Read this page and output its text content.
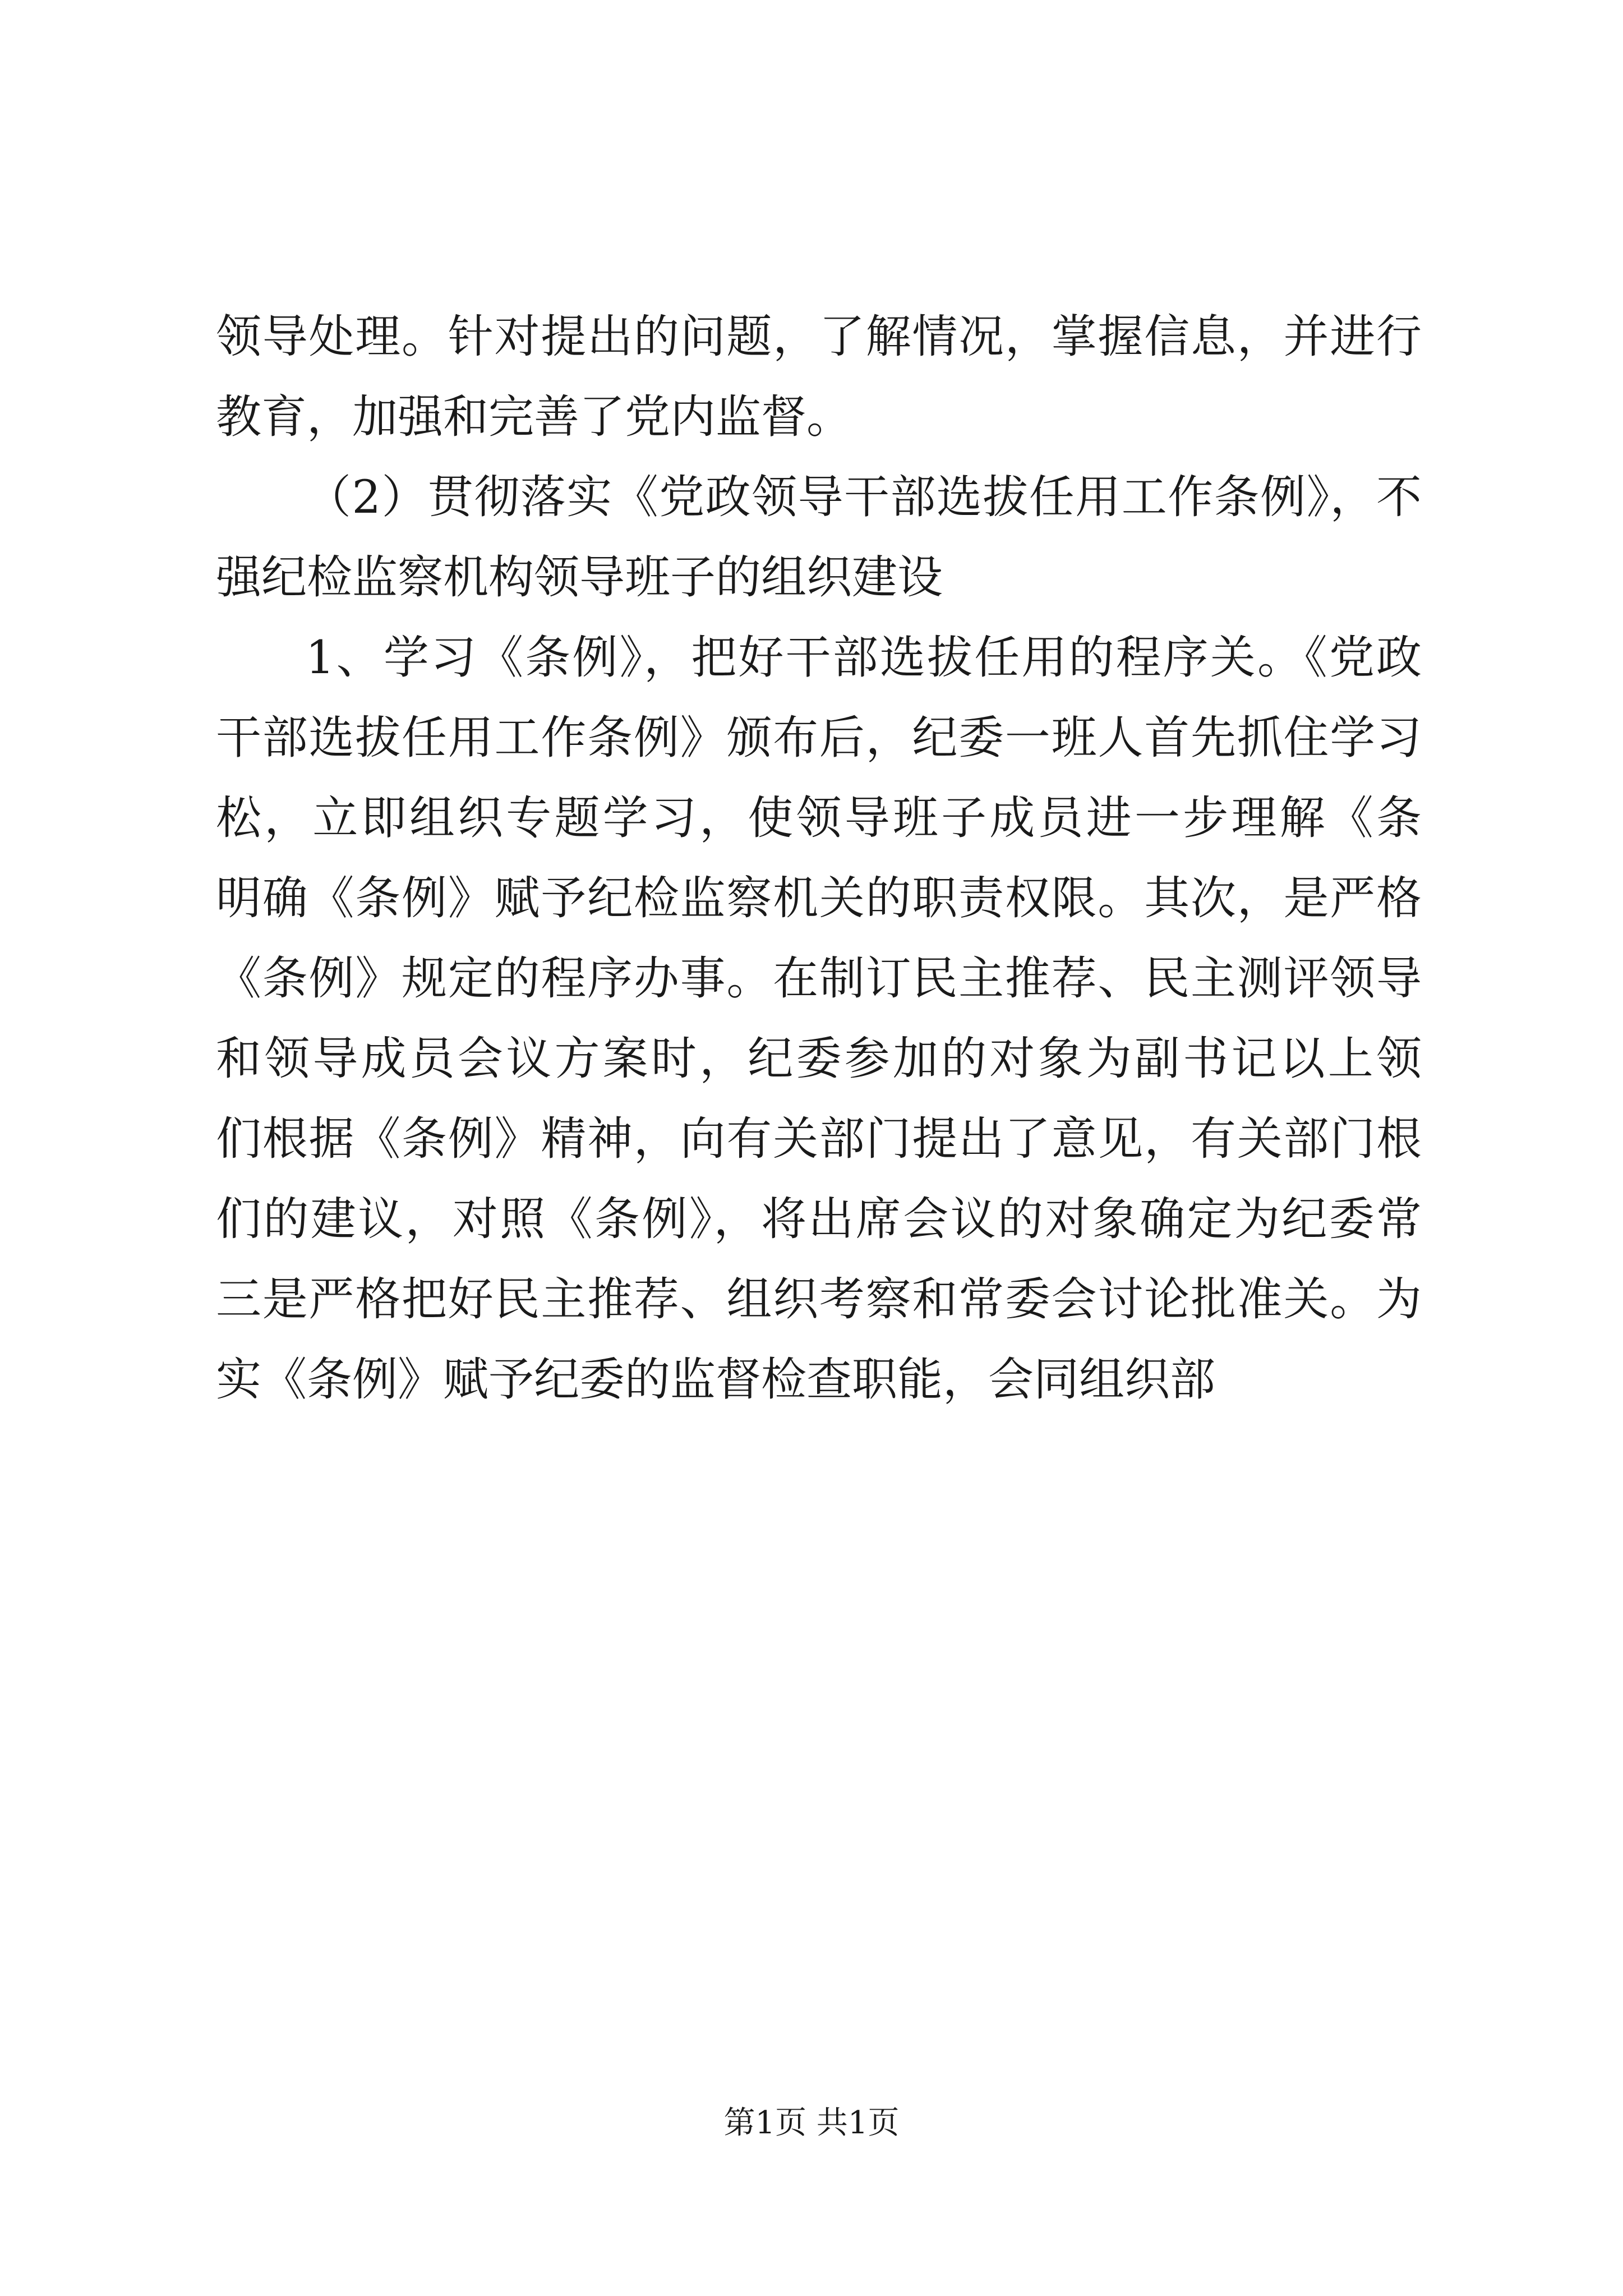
领导处理。针对提出的问题，了解情况，掌握信息，并进行
教育，加强和完善了党内监督。
（2）贯彻落实《党政领导干部选拔任用工作条例》，不
强纪检监察机构领导班子的组织建设
1、学习《条例》，把好干部选拔任用的程序关。《党政
干部选拔任用工作条例》颁布后，纪委一班人首先抓住学习
松，立即组织专题学习，使领导班子成员进一步理解《条
明确《条例》赋予纪检监察机关的职责权限。其次，是严格
《条例》规定的程序办事。在制订民主推荐、民主测评领导
和领导成员会议方案时，纪委参加的对象为副书记以上领
们根据《条例》精神，向有关部门提出了意见，有关部门根
们的建议，对照《条例》，将出席会议的对象确定为纪委常
三是严格把好民主推荐、组织考察和常委会讨论批准关。为
实《条例》赋予纪委的监督检查职能，会同组织部
第1页 共1页
